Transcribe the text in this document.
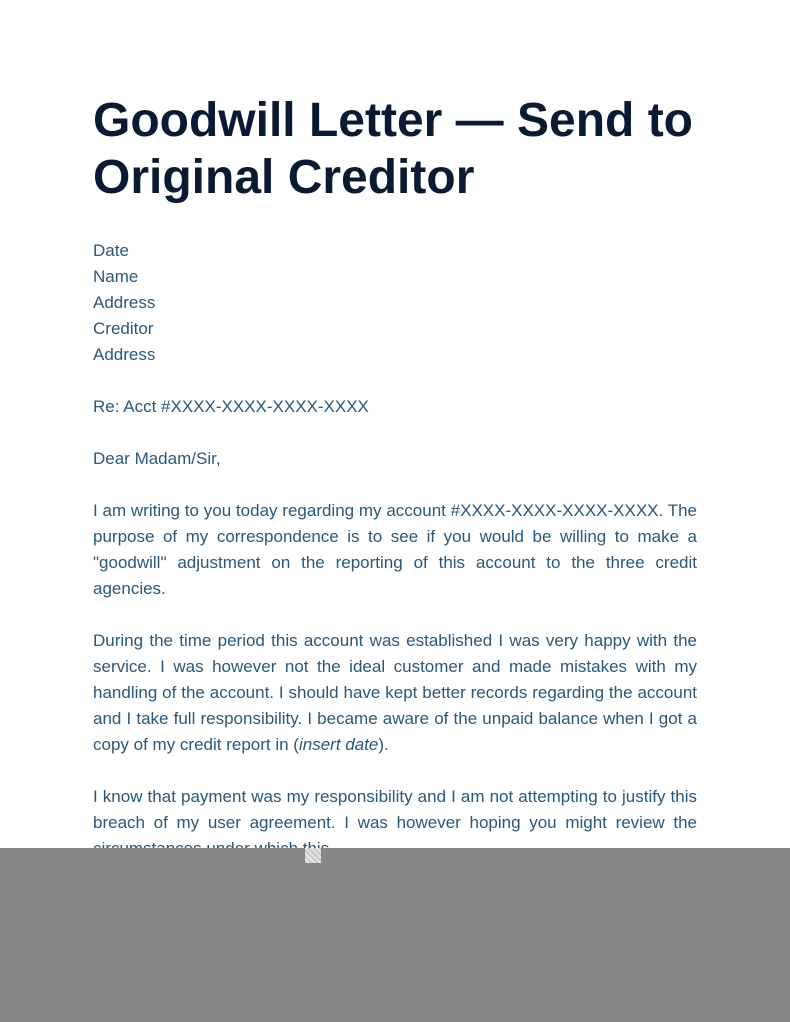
Goodwill Letter — Send to Original Creditor

Date

Name

Address

Creditor

Address

Re: Acct #XXXX-XXXX-XXXX-XXXX

Dear Madam/Sir,

I am writing to you today regarding my account #XXXX-XXXX-XXXX-XXXX. The purpose of my correspondence is to see if you would be willing to make a "goodwill" adjustment on the reporting of this account to the three credit agencies.

During the time period this account was established I was very happy with the service. I was however not the ideal customer and made mistakes with my handling of the account. I should have kept better records regarding the account and I take full responsibility. I became aware of the unpaid balance when I got a copy of my credit report in (insert date).

I know that payment was my responsibility and I am not attempting to justify this breach of my user agreement. I was however hoping you might review the
